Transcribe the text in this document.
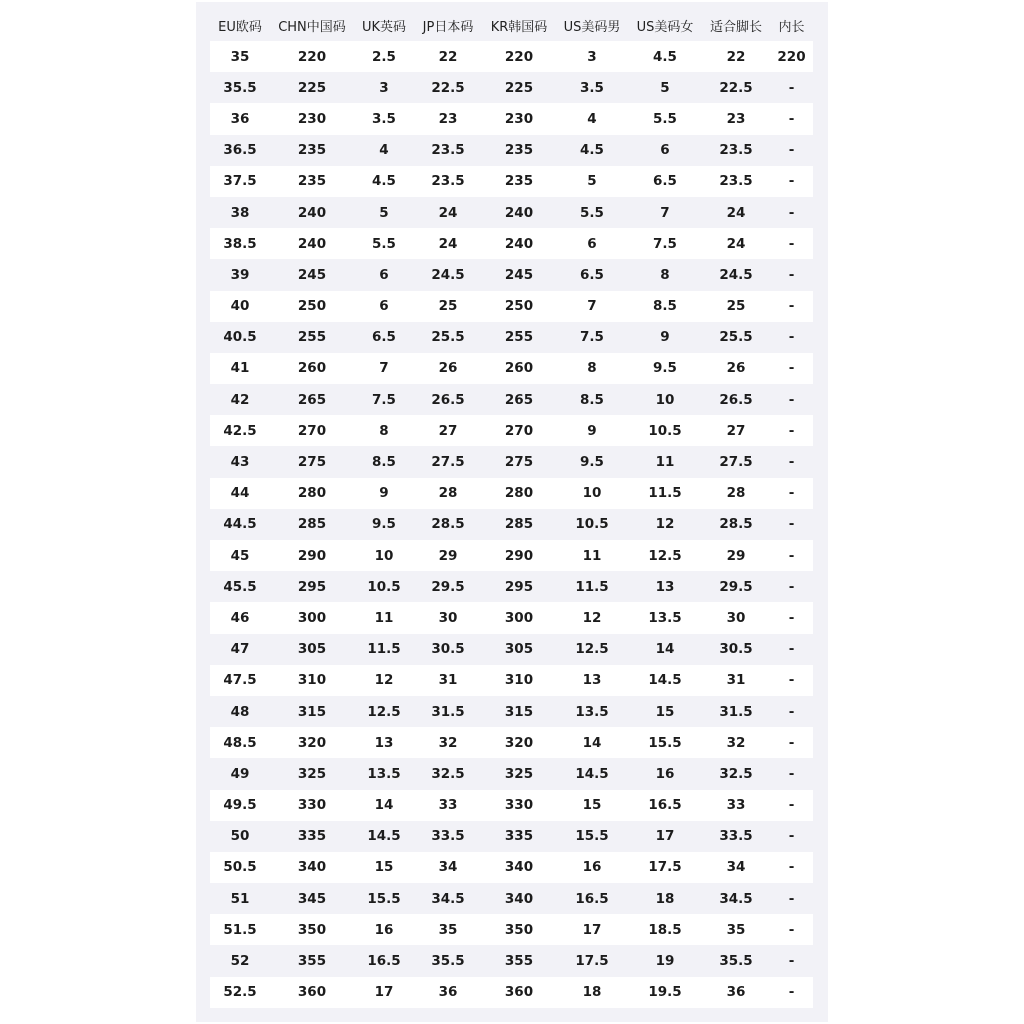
EU欧码	CHN中国码	UK英码	JP日本码	KR韩国码	US美码男	US美码女	适合脚长	内长
35	220	2.5	22	220	3	4.5	22	220
35.5	225	3	22.5	225	3.5	5	22.5	-
36	230	3.5	23	230	4	5.5	23	-
36.5	235	4	23.5	235	4.5	6	23.5	-
37.5	235	4.5	23.5	235	5	6.5	23.5	-
38	240	5	24	240	5.5	7	24	-
38.5	240	5.5	24	240	6	7.5	24	-
39	245	6	24.5	245	6.5	8	24.5	-
40	250	6	25	250	7	8.5	25	-
40.5	255	6.5	25.5	255	7.5	9	25.5	-
41	260	7	26	260	8	9.5	26	-
42	265	7.5	26.5	265	8.5	10	26.5	-
42.5	270	8	27	270	9	10.5	27	-
43	275	8.5	27.5	275	9.5	11	27.5	-
44	280	9	28	280	10	11.5	28	-
44.5	285	9.5	28.5	285	10.5	12	28.5	-
45	290	10	29	290	11	12.5	29	-
45.5	295	10.5	29.5	295	11.5	13	29.5	-
46	300	11	30	300	12	13.5	30	-
47	305	11.5	30.5	305	12.5	14	30.5	-
47.5	310	12	31	310	13	14.5	31	-
48	315	12.5	31.5	315	13.5	15	31.5	-
48.5	320	13	32	320	14	15.5	32	-
49	325	13.5	32.5	325	14.5	16	32.5	-
49.5	330	14	33	330	15	16.5	33	-
50	335	14.5	33.5	335	15.5	17	33.5	-
50.5	340	15	34	340	16	17.5	34	-
51	345	15.5	34.5	340	16.5	18	34.5	-
51.5	350	16	35	350	17	18.5	35	-
52	355	16.5	35.5	355	17.5	19	35.5	-
52.5	360	17	36	360	18	19.5	36	-
